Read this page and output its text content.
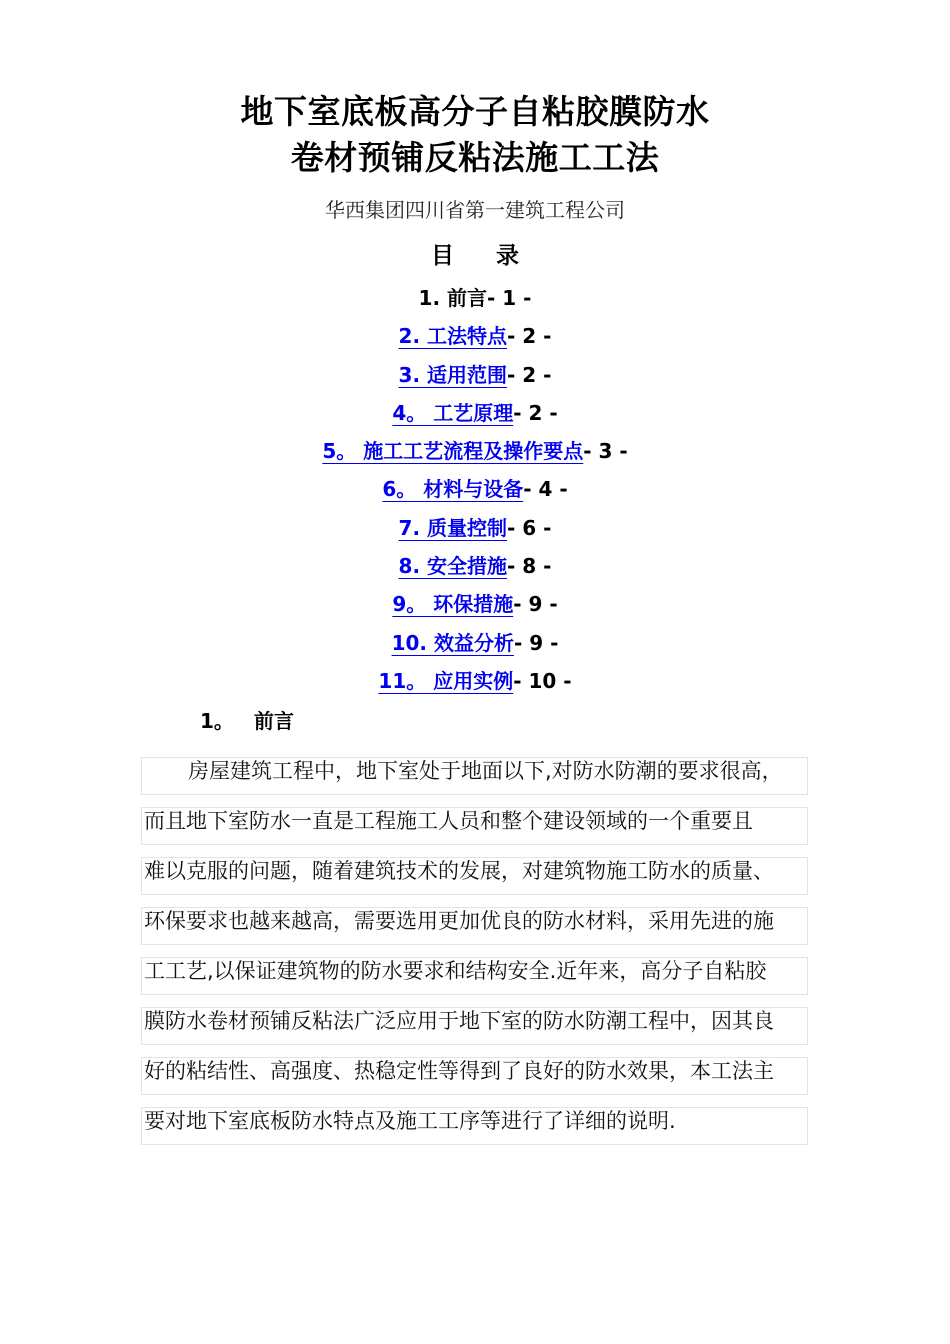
地下室底板高分子自粘胶膜防水
卷材预铺反粘法施工工法
华西集团四川省第一建筑工程公司
目 录
1. 前言- 1 -
2. 工法特点- 2 -
3. 适用范围- 2 -
4。 工艺原理- 2 -
5。 施工工艺流程及操作要点- 3 -
6。 材料与设备- 4 -
7. 质量控制- 6 -
8. 安全措施- 8 -
9。 环保措施- 9 -
10. 效益分析- 9 -
11。 应用实例- 10 -
1。 前言
房屋建筑工程中，地下室处于地面以下,对防水防潮的要求很高，
而且地下室防水一直是工程施工人员和整个建设领域的一个重要且
难以克服的问题，随着建筑技术的发展，对建筑物施工防水的质量、
环保要求也越来越高，需要选用更加优良的防水材料，采用先进的施
工工艺,以保证建筑物的防水要求和结构安全.近年来，高分子自粘胶
膜防水卷材预铺反粘法广泛应用于地下室的防水防潮工程中，因其良
好的粘结性、高强度、热稳定性等得到了良好的防水效果，本工法主
要对地下室底板防水特点及施工工序等进行了详细的说明.
